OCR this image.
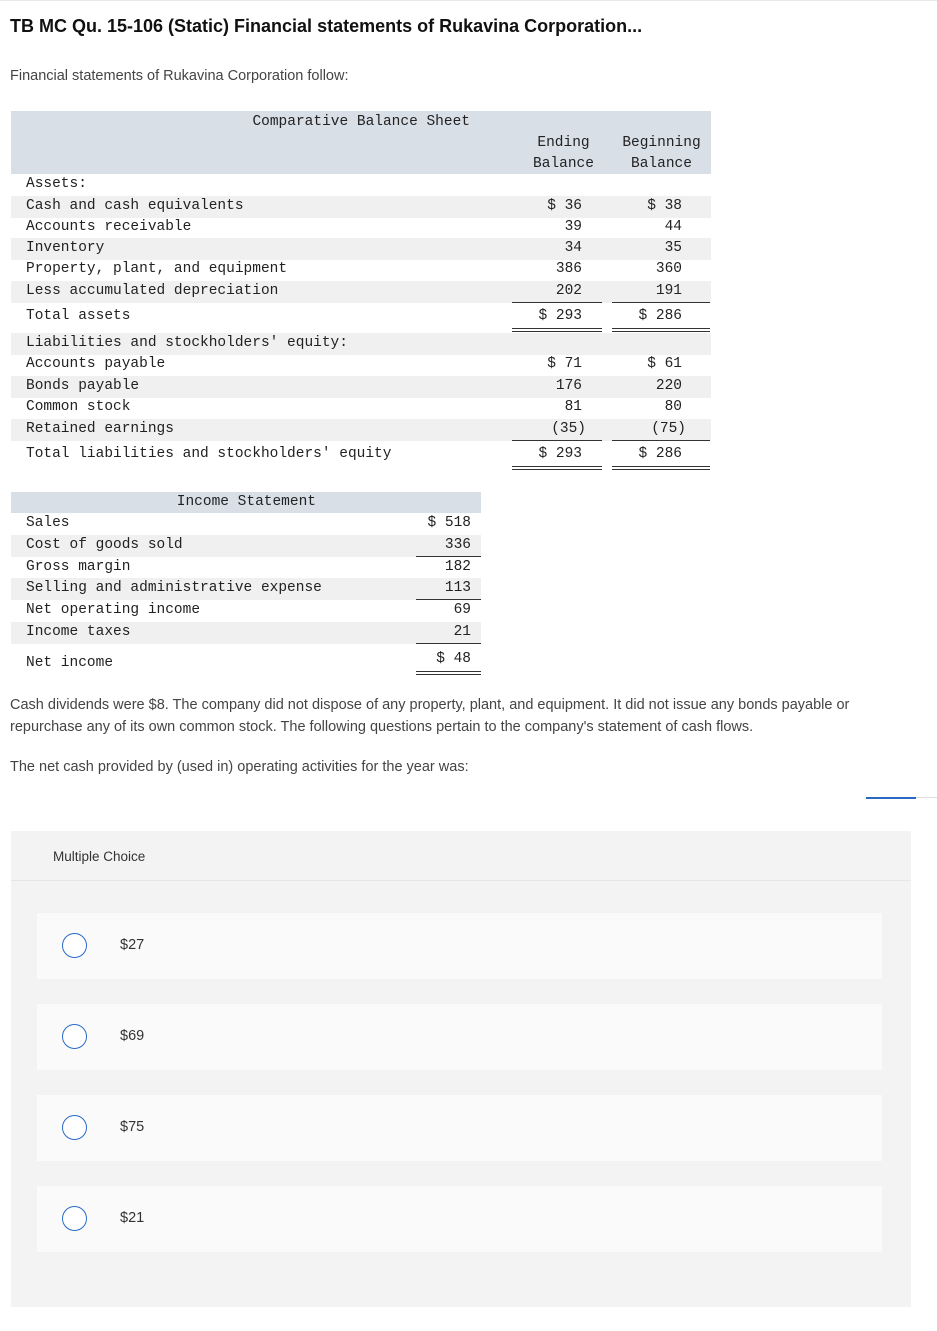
TB MC Qu. 15-106 (Static) Financial statements of Rukavina Corporation...
Financial statements of Rukavina Corporation follow:
Comparative Balance Sheet
Ending
Balance
Beginning
Balance
Assets:
Cash and cash equivalents	$ 36	$ 38
Accounts receivable	39	44
Inventory	34	35
Property, plant, and equipment	386	360
Less accumulated depreciation	202	191
Total assets	$ 293	$ 286
Liabilities and stockholders' equity:
Accounts payable	$ 71	$ 61
Bonds payable	176	220
Common stock	81	80
Retained earnings	(35)	(75)
Total liabilities and stockholders' equity	$ 293	$ 286
Income Statement
Sales	$ 518
Cost of goods sold	336
Gross margin	182
Selling and administrative expense	113
Net operating income	69
Income taxes	21
Net income	$ 48
Cash dividends were $8. The company did not dispose of any property, plant, and equipment. It did not issue any bonds payable or repurchase any of its own common stock. The following questions pertain to the company's statement of cash flows.
The net cash provided by (used in) operating activities for the year was:
Multiple Choice
$27
$69
$75
$21
